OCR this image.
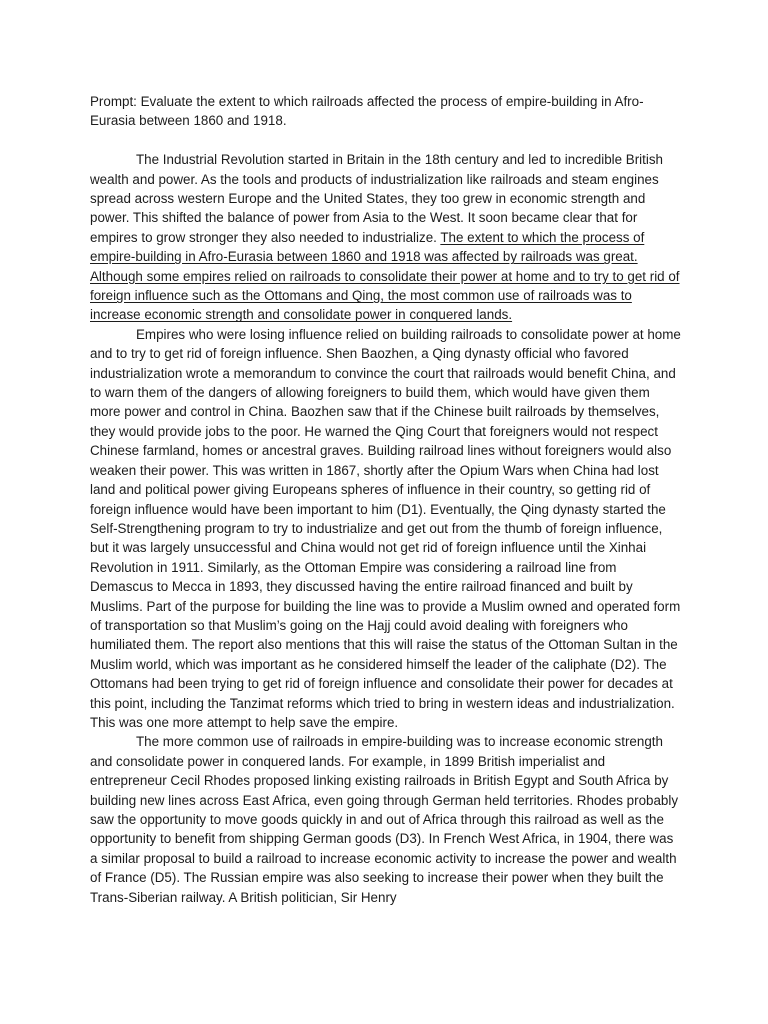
Prompt: Evaluate the extent to which railroads affected the process of empire-building in Afro-Eurasia between 1860 and 1918.

The Industrial Revolution started in Britain in the 18th century and led to incredible British wealth and power. As the tools and products of industrialization like railroads and steam engines spread across western Europe and the United States, they too grew in economic strength and power. This shifted the balance of power from Asia to the West. It soon became clear that for empires to grow stronger they also needed to industrialize. The extent to which the process of empire-building in Afro-Eurasia between 1860 and 1918 was affected by railroads was great. Although some empires relied on railroads to consolidate their power at home and to try to get rid of foreign influence such as the Ottomans and Qing, the most common use of railroads was to increase economic strength and consolidate power in conquered lands.

Empires who were losing influence relied on building railroads to consolidate power at home and to try to get rid of foreign influence. Shen Baozhen, a Qing dynasty official who favored industrialization wrote a memorandum to convince the court that railroads would benefit China, and to warn them of the dangers of allowing foreigners to build them, which would have given them more power and control in China. Baozhen saw that if the Chinese built railroads by themselves, they would provide jobs to the poor. He warned the Qing Court that foreigners would not respect Chinese farmland, homes or ancestral graves. Building railroad lines without foreigners would also weaken their power. This was written in 1867, shortly after the Opium Wars when China had lost land and political power giving Europeans spheres of influence in their country, so getting rid of foreign influence would have been important to him (D1). Eventually, the Qing dynasty started the Self-Strengthening program to try to industrialize and get out from the thumb of foreign influence, but it was largely unsuccessful and China would not get rid of foreign influence until the Xinhai Revolution in 1911. Similarly, as the Ottoman Empire was considering a railroad line from Demascus to Mecca in 1893, they discussed having the entire railroad financed and built by Muslims. Part of the purpose for building the line was to provide a Muslim owned and operated form of transportation so that Muslim’s going on the Hajj could avoid dealing with foreigners who humiliated them. The report also mentions that this will raise the status of the Ottoman Sultan in the Muslim world, which was important as he considered himself the leader of the caliphate (D2). The Ottomans had been trying to get rid of foreign influence and consolidate their power for decades at this point, including the Tanzimat reforms which tried to bring in western ideas and industrialization. This was one more attempt to help save the empire.

The more common use of railroads in empire-building was to increase economic strength and consolidate power in conquered lands. For example, in 1899 British imperialist and entrepreneur Cecil Rhodes proposed linking existing railroads in British Egypt and South Africa by building new lines across East Africa, even going through German held territories. Rhodes probably saw the opportunity to move goods quickly in and out of Africa through this railroad as well as the opportunity to benefit from shipping German goods (D3). In French West Africa, in 1904, there was a similar proposal to build a railroad to increase economic activity to increase the power and wealth of France (D5). The Russian empire was also seeking to increase their power when they built the Trans-Siberian railway. A British politician, Sir Henry
